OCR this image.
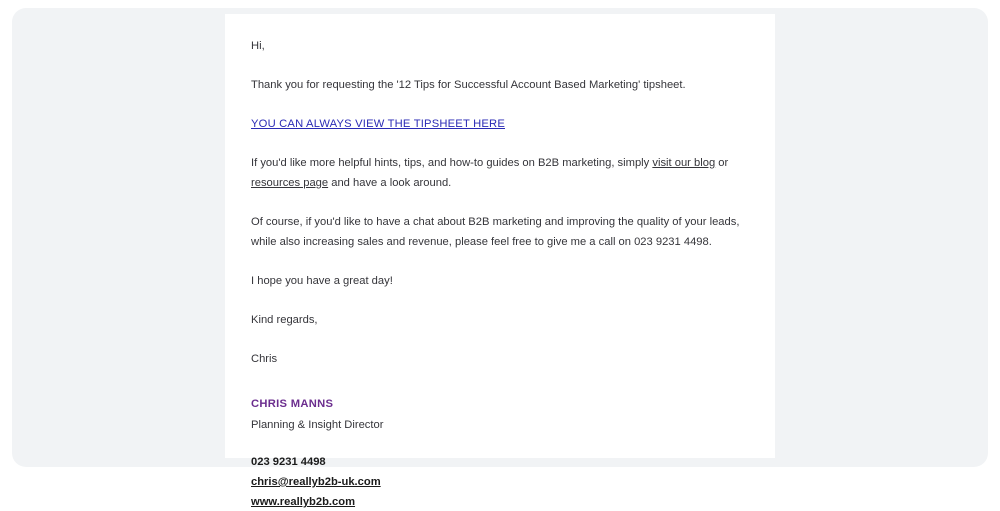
Hi,

Thank you for requesting the '12 Tips for Successful Account Based Marketing' tipsheet.

YOU CAN ALWAYS VIEW THE TIPSHEET HERE

If you'd like more helpful hints, tips, and how-to guides on B2B marketing, simply visit our blog or resources page and have a look around.

Of course, if you'd like to have a chat about B2B marketing and improving the quality of your leads, while also increasing sales and revenue, please feel free to give me a call on 023 9231 4498.

I hope you have a great day!

Kind regards,

Chris

CHRIS MANNS
Planning & Insight Director
023 9231 4498
chris@reallyb2b-uk.com
www.reallyb2b.com
